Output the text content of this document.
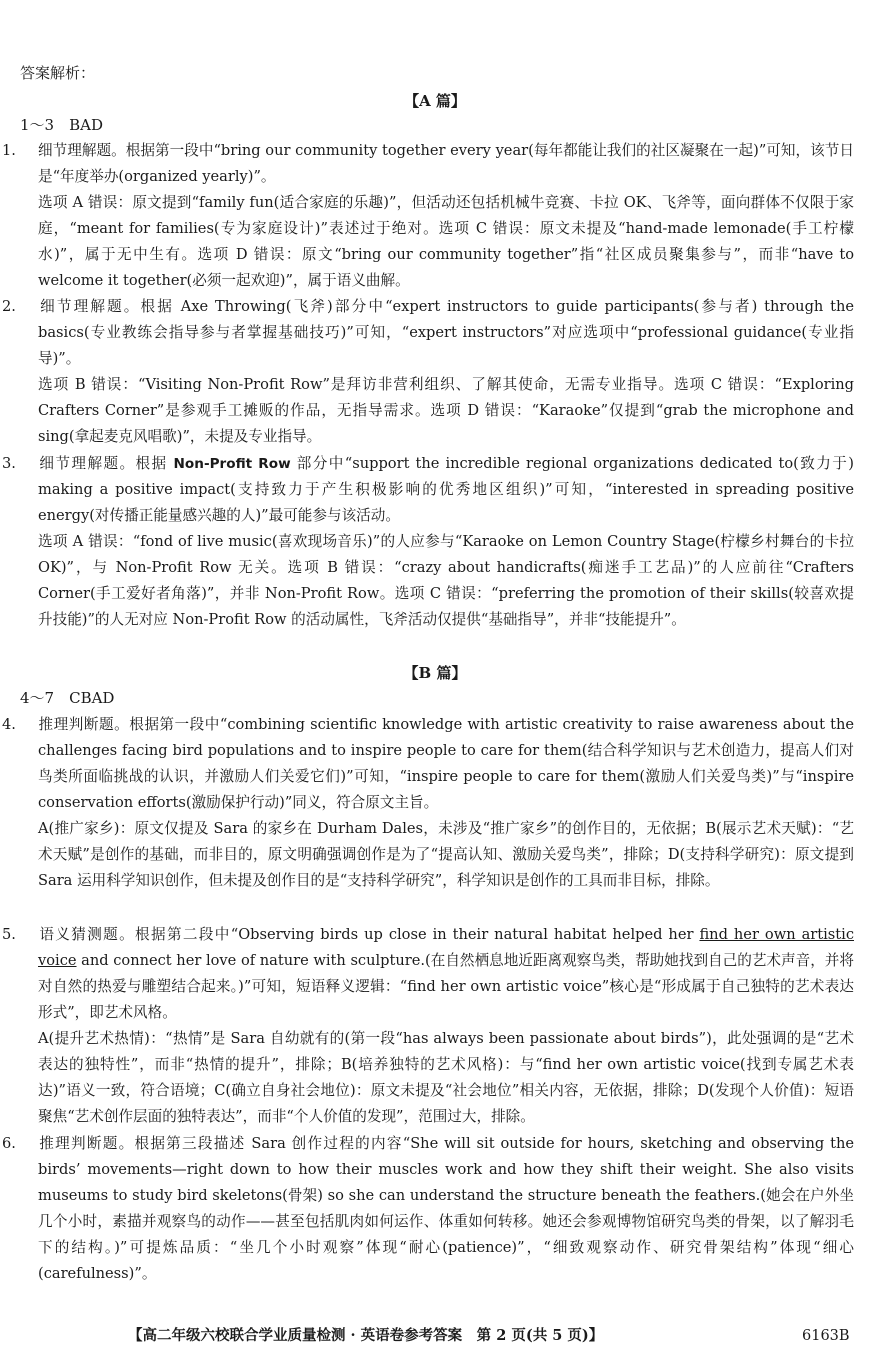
答案解析：
【A 篇】
1～3　BAD

1. 细节理解题。根据第一段中“bring our community together every year(每年都能让我们的社区凝聚在一起)”可知，该节日是“年度举办(organized yearly)”。

选项 A 错误：原文提到“family fun(适合家庭的乐趣)”，但活动还包括机械牛竞赛、卡拉 OK、飞斧等，面向群体不仅限于家庭，“meant for families(专为家庭设计)”表述过于绝对。选项 C 错误：原文未提及“hand-made lemonade(手工柠檬水)”，属于无中生有。选项 D 错误：原文“bring our community together”指“社区成员聚集参与”，而非“have to welcome it together(必须一起欢迎)”，属于语义曲解。

2. 细节理解题。根据 Axe Throwing(飞斧)部分中“expert instructors to guide participants(参与者) through the basics(专业教练会指导参与者掌握基础技巧)”可知，“expert instructors”对应选项中“professional guidance(专业指导)”。

选项 B 错误：“Visiting Non-Profit Row”是拜访非营利组织、了解其使命，无需专业指导。选项 C 错误：“Exploring Crafters Corner”是参观手工摊贩的作品，无指导需求。选项 D 错误：“Karaoke”仅提到“grab the microphone and sing(拿起麦克风唱歌)”，未提及专业指导。

3. 细节理解题。根据 Non-Profit Row 部分中“support the incredible regional organizations dedicated to(致力于) making a positive impact(支持致力于产生积极影响的优秀地区组织)”可知，“interested in spreading positive energy(对传播正能量感兴趣的人)”最可能参与该活动。

选项 A 错误：“fond of live music(喜欢现场音乐)”的人应参与“Karaoke on Lemon Country Stage(柠檬乡村舞台的卡拉 OK)”，与 Non-Profit Row 无关。选项 B 错误：“crazy about handicrafts(痴迷手工艺品)”的人应前往“Crafters Corner(手工爱好者角落)”，并非 Non-Profit Row。选项 C 错误：“preferring the promotion of their skills(较喜欢提升技能)”的人无对应 Non-Profit Row 的活动属性，飞斧活动仅提供“基础指导”，并非“技能提升”。

【B 篇】
4～7　CBAD

4. 推理判断题。根据第一段中“combining scientific knowledge with artistic creativity to raise awareness about the challenges facing bird populations and to inspire people to care for them(结合科学知识与艺术创造力，提高人们对鸟类所面临挑战的认识，并激励人们关爱它们)”可知，“inspire people to care for them(激励人们关爱鸟类)”与“inspire conservation efforts(激励保护行动)”同义，符合原文主旨。

A(推广家乡)：原文仅提及 Sara 的家乡在 Durham Dales，未涉及“推广家乡”的创作目的，无依据；B(展示艺术天赋)：“艺术天赋”是创作的基础，而非目的，原文明确强调创作是为了“提高认知、激励关爱鸟类”，排除；D(支持科学研究)：原文提到 Sara 运用科学知识创作，但未提及创作目的是“支持科学研究”，科学知识是创作的工具而非目标，排除。

5. 语义猜测题。根据第二段中“Observing birds up close in their natural habitat helped her find her own artistic voice and connect her love of nature with sculpture.(在自然栖息地近距离观察鸟类，帮助她找到自己的艺术声音，并将对自然的热爱与雕塑结合起来。)”可知，短语释义逻辑：“find her own artistic voice”核心是“形成属于自己独特的艺术表达形式”，即艺术风格。

A(提升艺术热情)：“热情”是 Sara 自幼就有的(第一段“has always been passionate about birds”)，此处强调的是“艺术表达的独特性”，而非“热情的提升”，排除；B(培养独特的艺术风格)：与“find her own artistic voice(找到专属艺术表达)”语义一致，符合语境；C(确立自身社会地位)：原文未提及“社会地位”相关内容，无依据，排除；D(发现个人价值)：短语聚焦“艺术创作层面的独特表达”，而非“个人价值的发现”，范围过大，排除。

6. 推理判断题。根据第三段描述 Sara 创作过程的内容“She will sit outside for hours, sketching and observing the birds’ movements—right down to how their muscles work and how they shift their weight. She also visits museums to study bird skeletons(骨架) so she can understand the structure beneath the feathers.(她会在户外坐几个小时，素描并观察鸟的动作——甚至包括肌肉如何运作、体重如何转移。她还会参观博物馆研究鸟类的骨架，以了解羽毛下的结构。)”可提炼品质：“坐几个小时观察”体现“耐心(patience)”，“细致观察动作、研究骨架结构”体现“细心(carefulness)”。

【高二年级六校联合学业质量检测 · 英语卷参考答案　第 2 页(共 5 页)】	6163B
